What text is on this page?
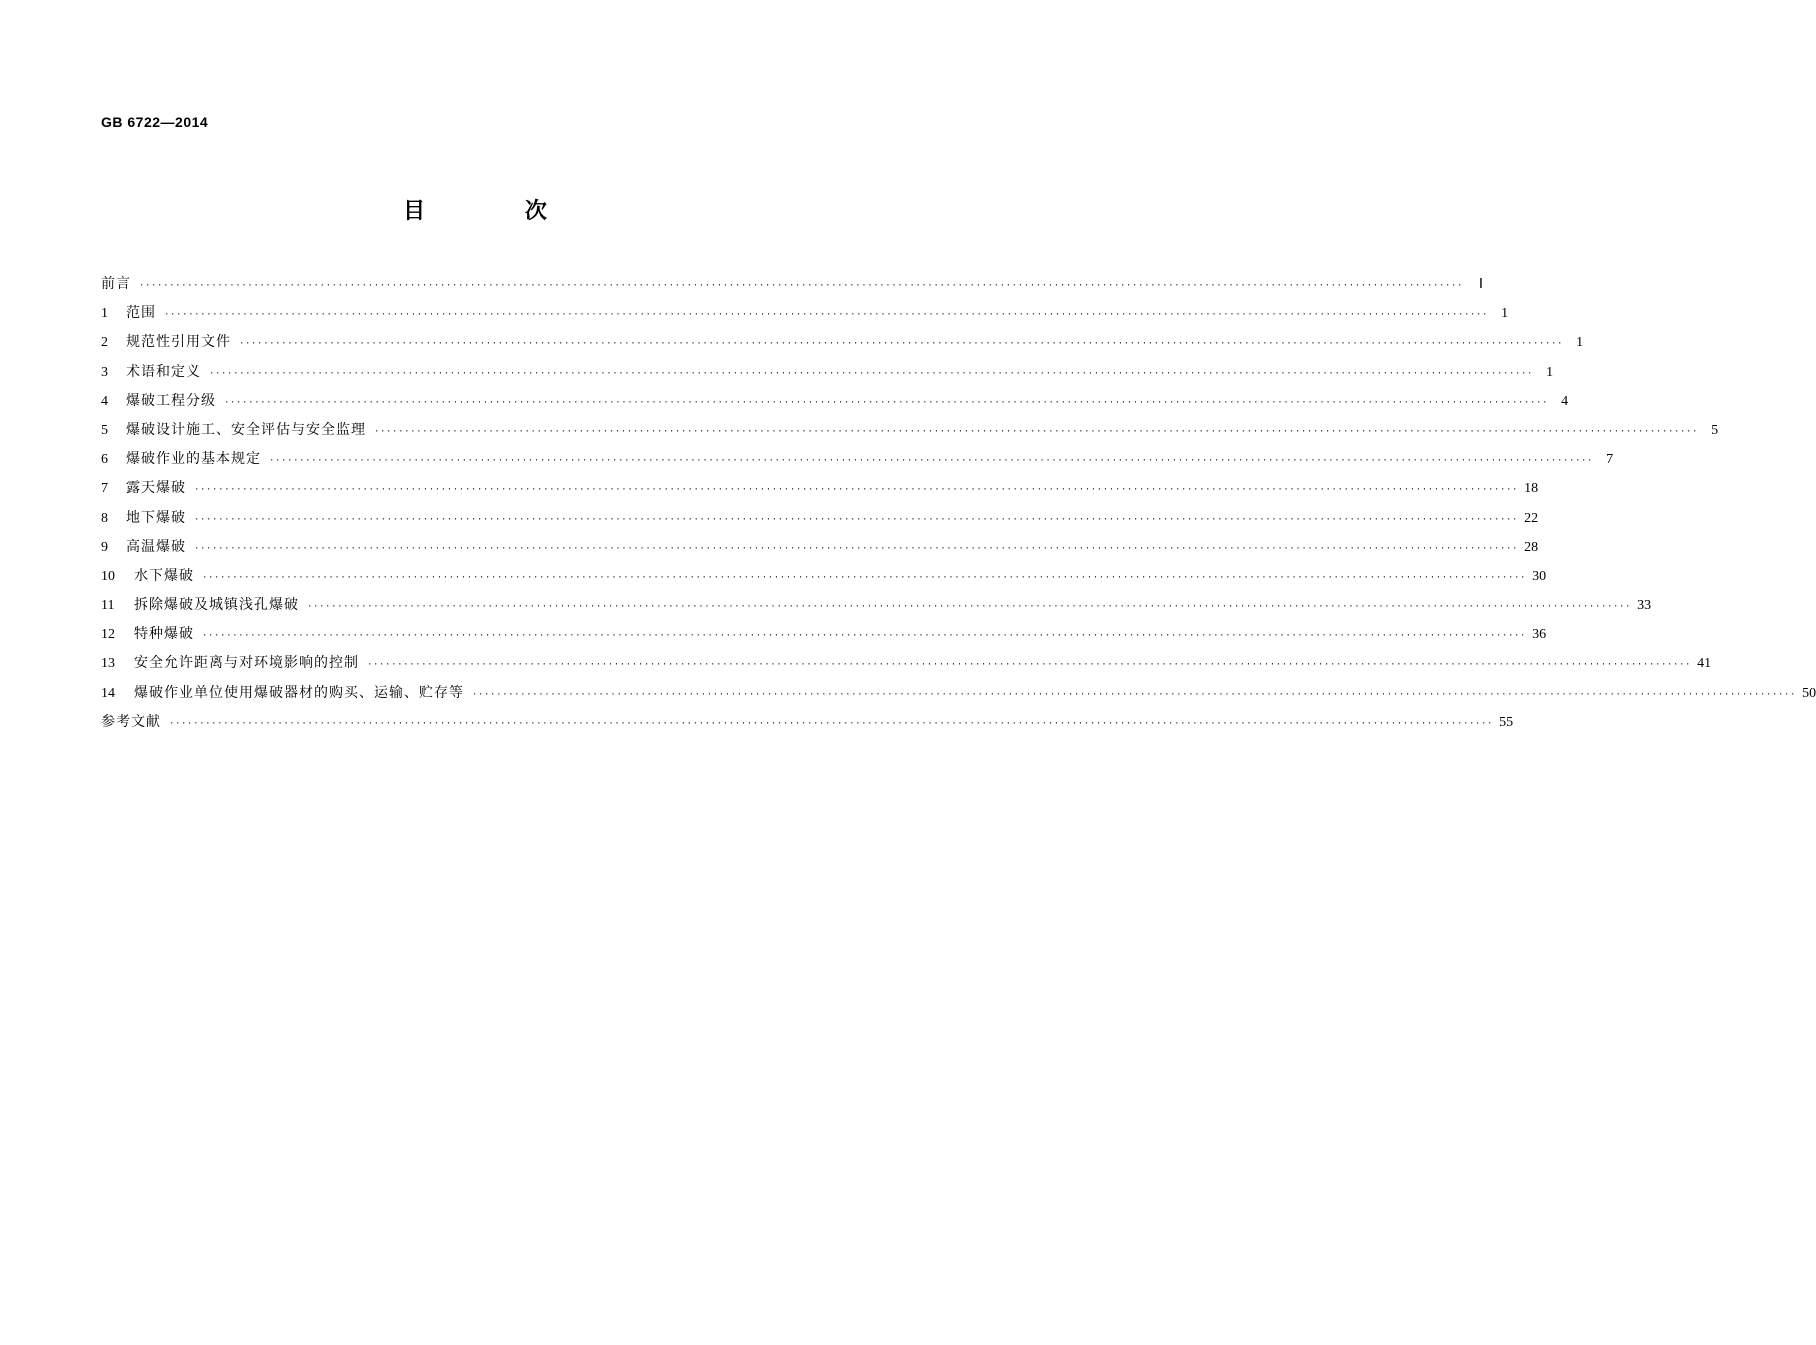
GB 6722—2014
目 次
前言 ····························································································································································································································	Ⅰ
1	范围 ···························································································································································································································· 1
2	规范性引用文件 ···························································································································································································································· 1
3	术语和定义 ···························································································································································································································· 1
4	爆破工程分级 ···························································································································································································································· 4
5	爆破设计施工、安全评估与安全监理 ···························································································································································································································· 5
6	爆破作业的基本规定 ···························································································································································································································· 7
7	露天爆破 ···························································································································································································································· 18
8	地下爆破 ···························································································································································································································· 22
9	高温爆破 ···························································································································································································································· 28
10	水下爆破 ···························································································································································································································· 30
11	拆除爆破及城镇浅孔爆破 ···························································································································································································································· 33
12	特种爆破 ···························································································································································································································· 36
13	安全允许距离与对环境影响的控制 ···························································································································································································································· 41
14	爆破作业单位使用爆破器材的购买、运输、贮存等 ···························································································································································································································· 50
参考文献 ···························································································································································································································· 55
